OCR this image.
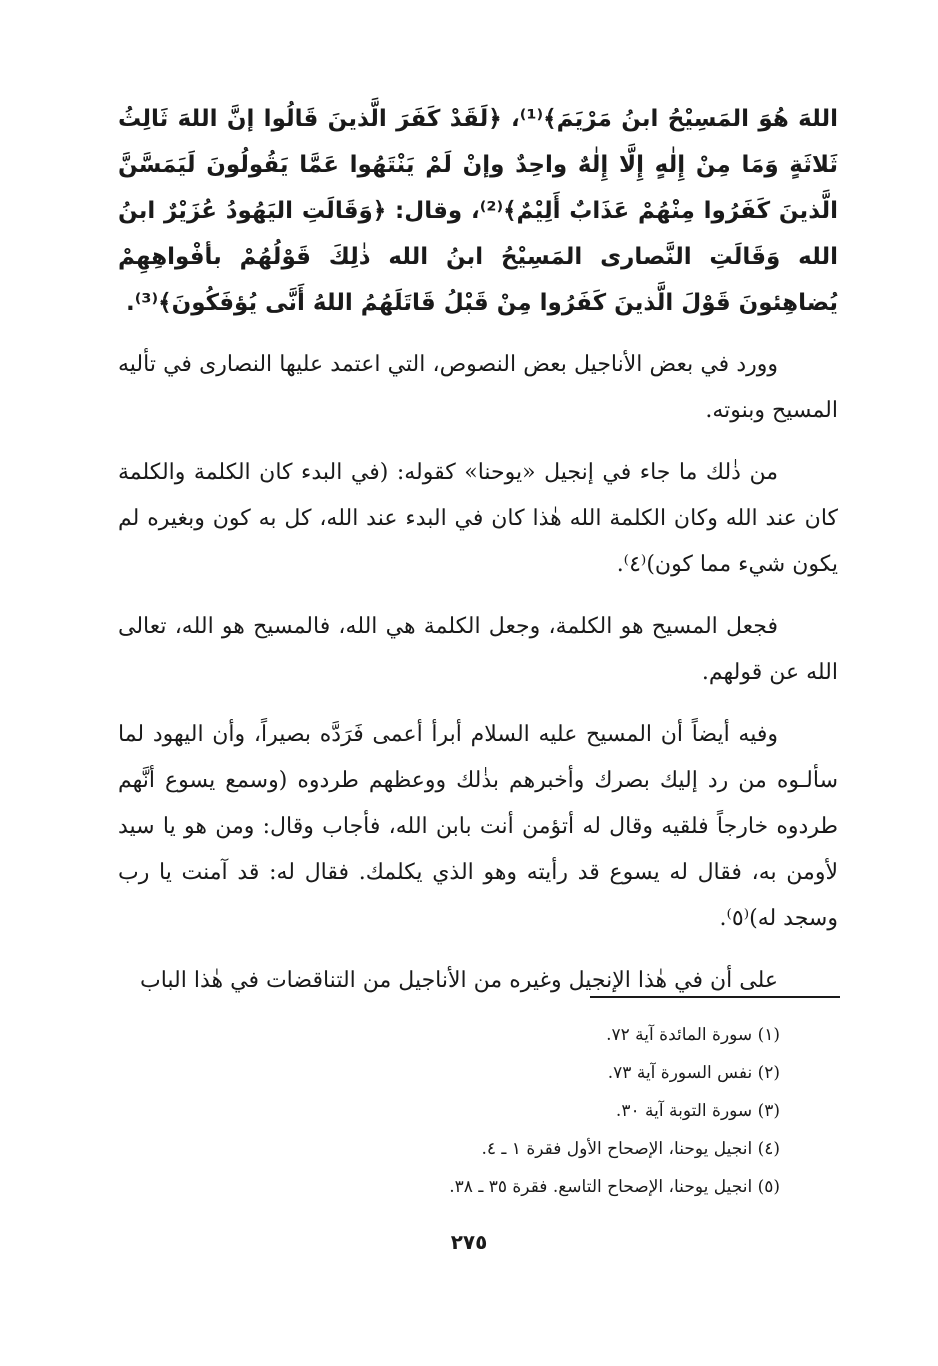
اللهَ هُوَ المَسِيْحُ ابنُ مَرْيَمَ﴾⁽¹⁾، ﴿لَقَدْ كَفَرَ الَّذينَ قَالُوا إنَّ اللهَ ثَالِثُ ثَلاثَةٍ وَمَا مِنْ إِلٰهٍ إِلَّا إِلٰهٌ واحِدٌ وإنْ لَمْ يَنْتَهُوا عَمَّا يَقُولُونَ لَيَمَسَّنَّ الَّذينَ كَفَرُوا مِنْهُمْ عَذَابٌ أَلِيْمٌ﴾⁽²⁾، وقال: ﴿وَقَالَتِ اليَهُودُ عُزَيْرٌ ابنُ الله وَقَالَتِ النَّصارى المَسِيْحُ ابنُ الله ذٰلِكَ قَوْلُهُمْ بأفْواهِهِمْ يُضاهِئونَ قَوْلَ الَّذينَ كَفَرُوا مِنْ قَبْلُ قَاتَلَهُمُ اللهُ أَنَّى يُؤفَكُونَ﴾⁽³⁾.

وورد في بعض الأناجيل بعض النصوص، التي اعتمد عليها النصارى في تأليه المسيح وبنوته.

من ذٰلك ما جاء في إنجيل «يوحنا» كقوله: (في البدء كان الكلمة والكلمة كان عند الله وكان الكلمة الله هٰذا كان في البدء عند الله، كل به كون وبغيره لم يكون شيء مما كون)⁽٤⁾.

فجعل المسيح هو الكلمة، وجعل الكلمة هي الله، فالمسيح هو الله، تعالى الله عن قولهم.

وفيه أيضاً أن المسيح عليه السلام أبرأ أعمى فَرَدَّه بصيراً، وأن اليهود لما سألـوه من رد إليك بصرك وأخبرهم بذٰلك ووعظهم طردوه (وسمع يسوع أنَّهم طردوه خارجاً فلقيه وقال له أتؤمن أنت بابن الله، فأجاب وقال: ومن هو يا سيد لأومن به، فقال له يسوع قد رأيته وهو الذي يكلمك. فقال له: قد آمنت يا رب وسجد له)⁽٥⁾.

على أن في هٰذا الإنجيل وغيره من الأناجيل من التناقضات في هٰذا الباب

(١) سورة المائدة آية ٧٢.
(٢) نفس السورة آية ٧٣.
(٣) سورة التوبة آية ٣٠.
(٤) انجيل يوحنا، الإصحاح الأول فقرة ١ ـ ٤.
(٥) انجيل يوحنا، الإصحاح التاسع. فقرة ٣٥ ـ ٣٨.
٢٧٥
